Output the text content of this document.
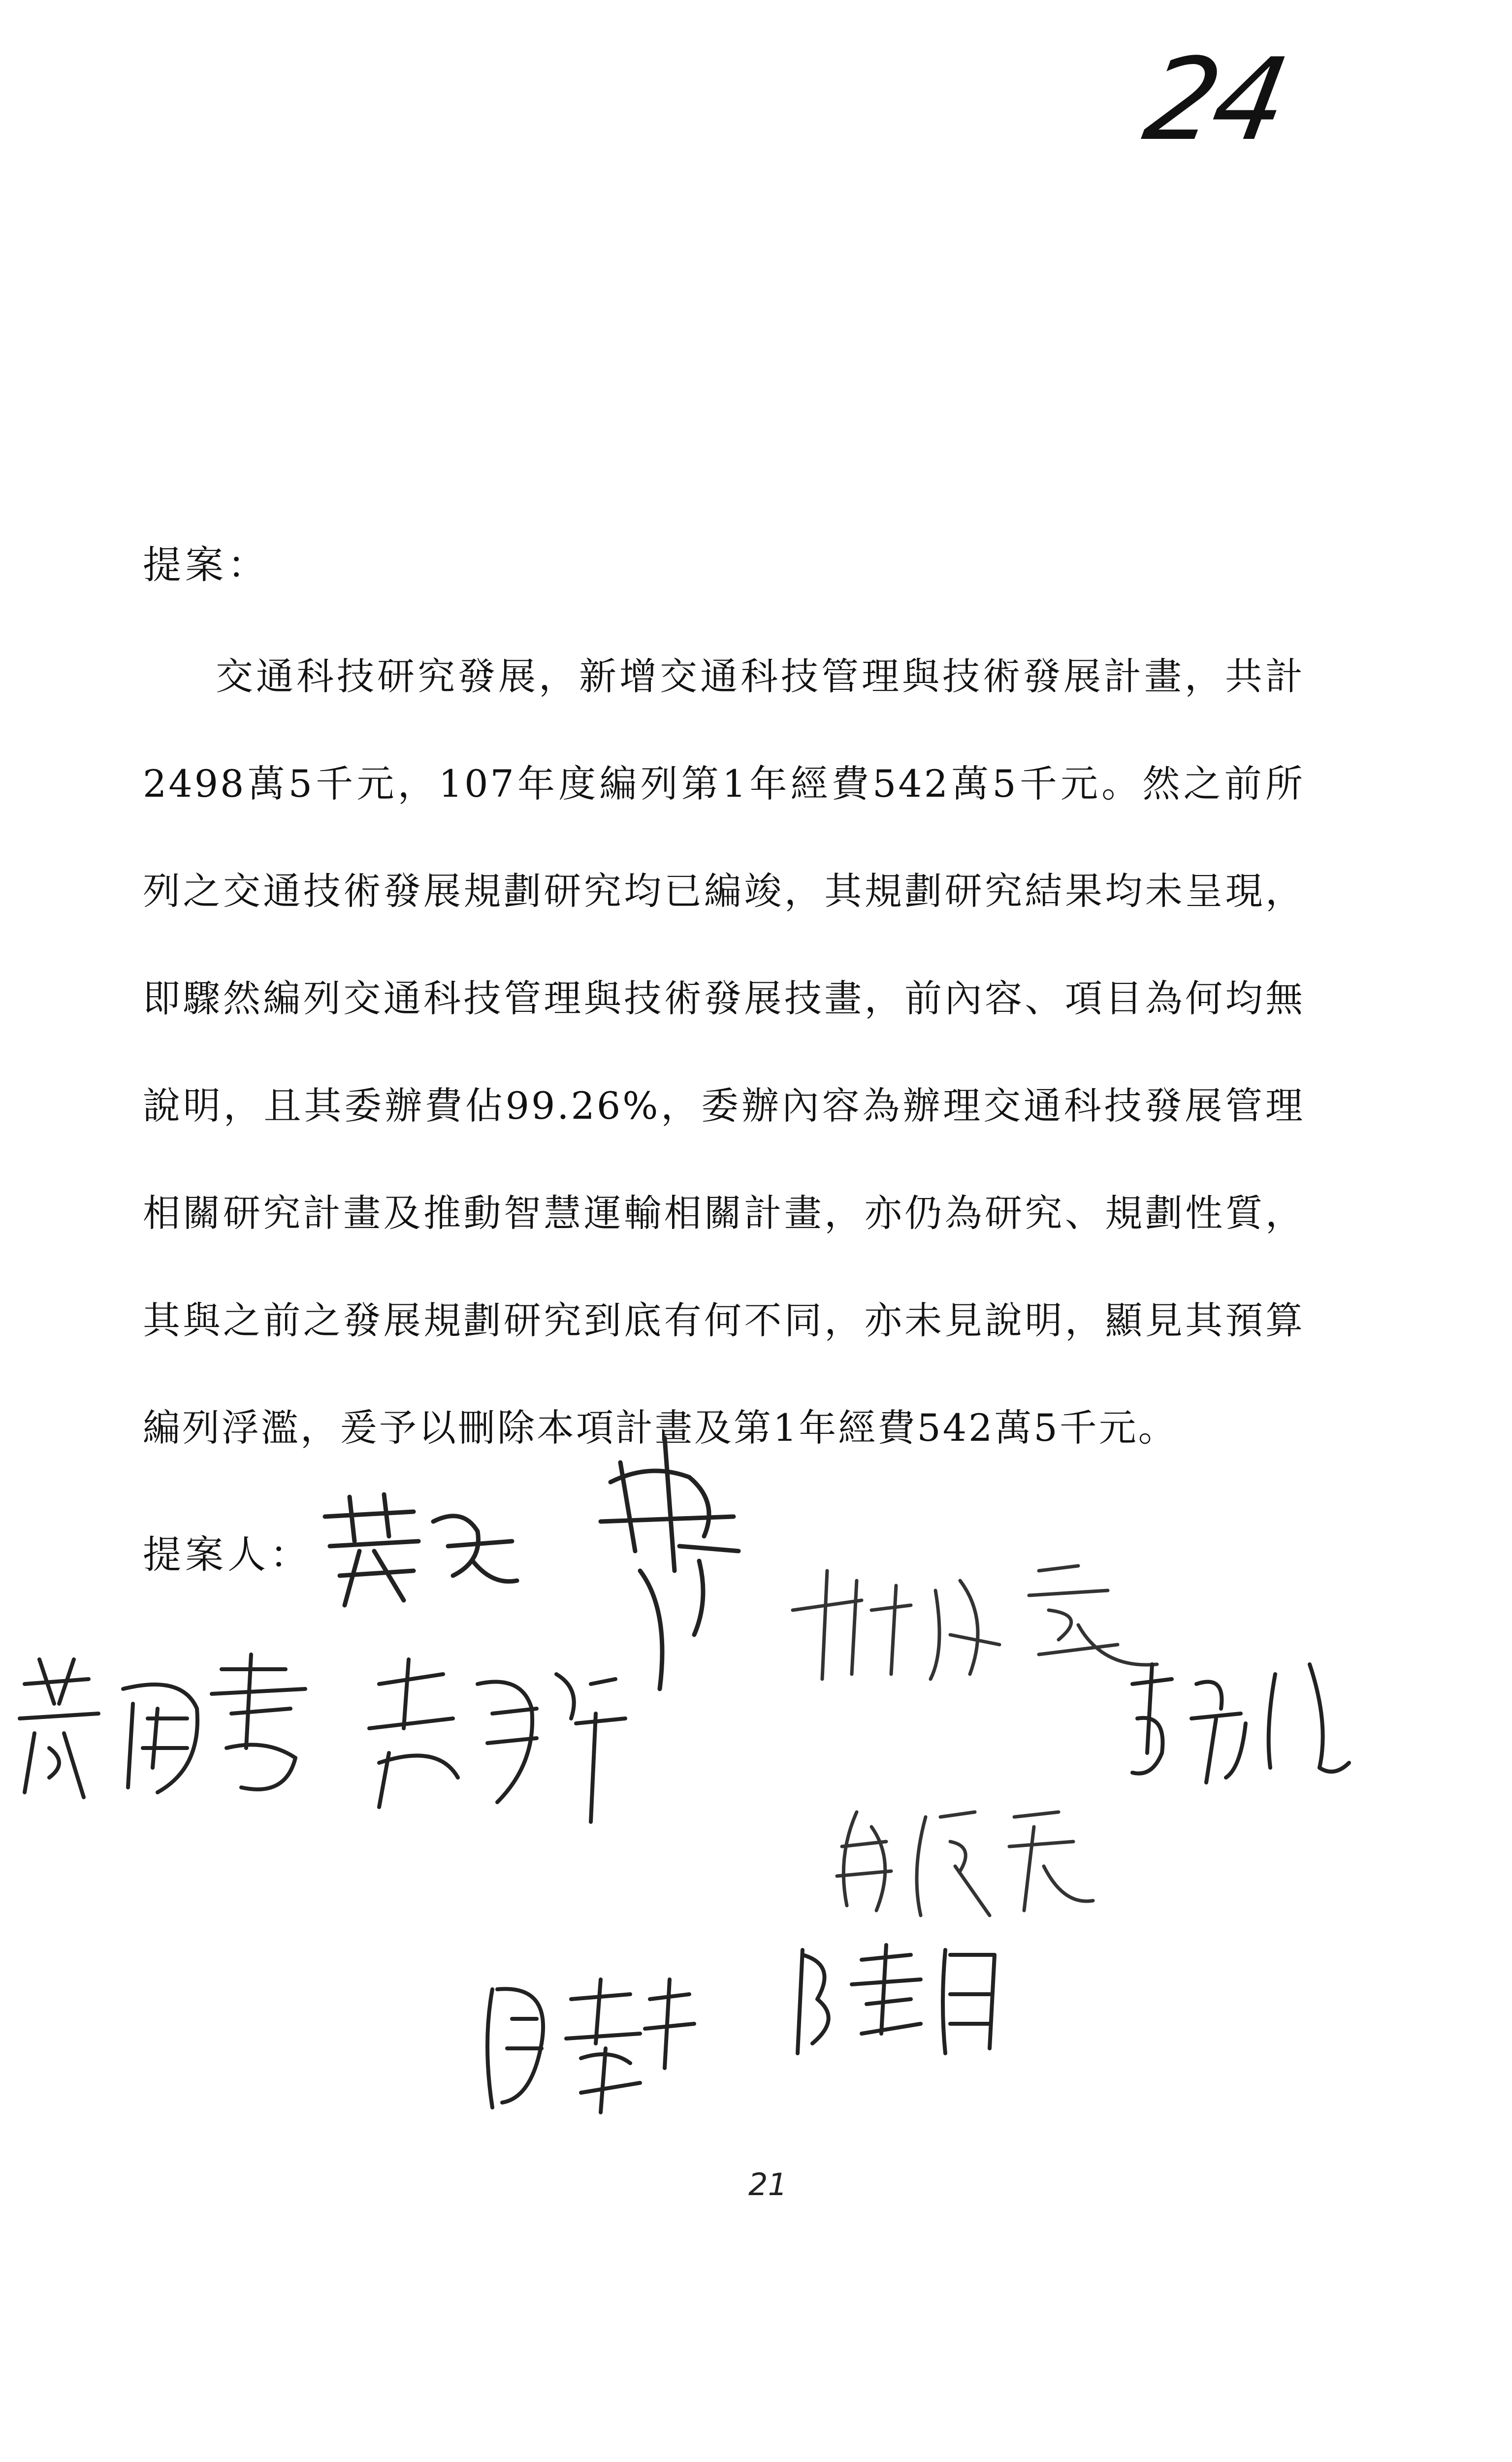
24
提案：
交通科技研究發展，新增交通科技管理與技術發展計畫，共計2498萬5千元，107年度編列第1年經費542萬5千元。然之前所列之交通技術發展規劃研究均已編竣，其規劃研究結果均未呈現，即驟然編列交通科技管理與技術發展技畫，前內容、項目為何均無說明，且其委辦費佔99.26%，委辦內容為辦理交通科技發展管理相關研究計畫及推動智慧運輸相關計畫，亦仍為研究、規劃性質，其與之前之發展規劃研究到底有何不同，亦未見說明，顯見其預算編列浮濫，爰予以刪除本項計畫及第1年經費542萬5千元。
提案人：
21
